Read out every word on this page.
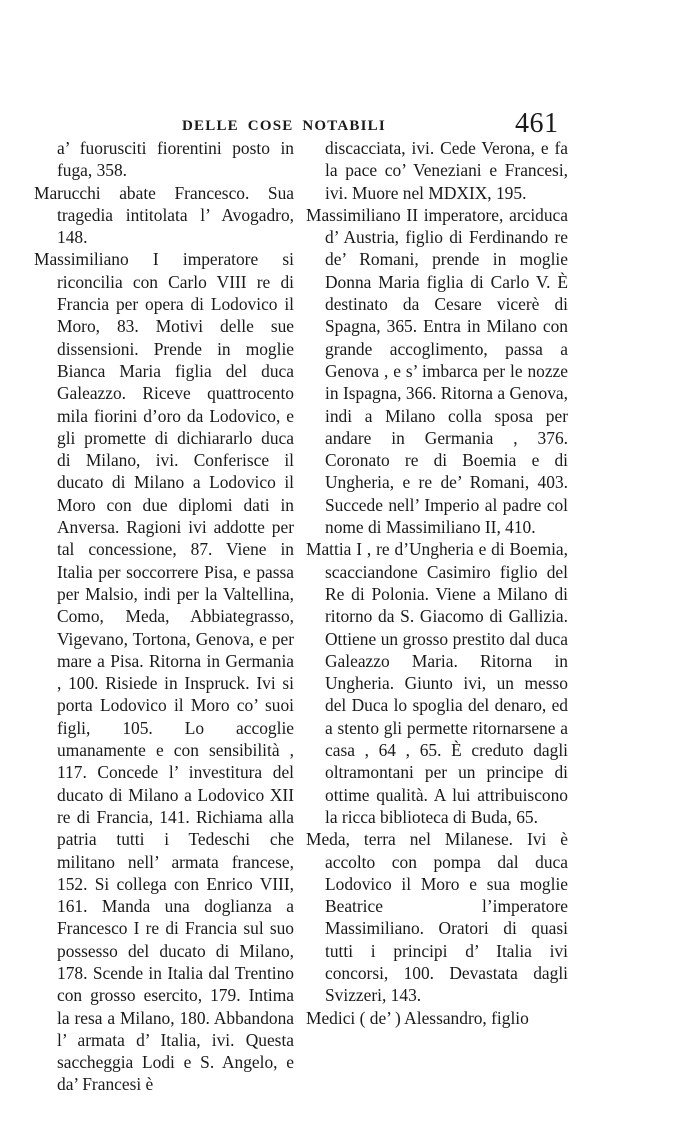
DELLE COSE NOTABILI	461

a’ fuorusciti fiorentini posto in fuga, 358.

Marucchi abate Francesco. Sua tragedia intitolata l’ Avogadro, 148.

Massimiliano I imperatore si riconcilia con Carlo VIII re di Francia per opera di Lodovico il Moro, 83. Motivi delle sue dissensioni. Prende in moglie Bianca Maria figlia del duca Galeazzo. Riceve quattrocento mila fiorini d’oro da Lodovico, e gli promette di dichiararlo duca di Milano, ivi. Conferisce il ducato di Milano a Lodovico il Moro con due diplomi dati in Anversa. Ragioni ivi addotte per tal concessione, 87. Viene in Italia per soccorrere Pisa, e passa per Malsio, indi per la Valtellina, Como, Meda, Abbiategrasso, Vigevano, Tortona, Genova, e per mare a Pisa. Ritorna in Germania , 100. Risiede in Inspruck. Ivi si porta Lodovico il Moro co’ suoi figli, 105. Lo accoglie umanamente e con sensibilità , 117. Concede l’ investitura del ducato di Milano a Lodovico XII re di Francia, 141. Richiama alla patria tutti i Tedeschi che militano nell’ armata francese, 152. Si collega con Enrico VIII, 161. Manda una doglianza a Francesco I re di Francia sul suo possesso del ducato di Milano, 178. Scende in Italia dal Trentino con grosso esercito, 179. Intima la resa a Milano, 180. Abbandona l’ armata d’ Italia, ivi. Questa saccheggia Lodi e S. Angelo, e da’ Francesi è

discacciata, ivi. Cede Verona, e fa la pace co’ Veneziani e Francesi, ivi. Muore nel MDXIX, 195.

Massimiliano II imperatore, arciduca d’ Austria, figlio di Ferdinando re de’ Romani, prende in moglie Donna Maria figlia di Carlo V. È destinato da Cesare vicerè di Spagna, 365. Entra in Milano con grande accoglimento, passa a Genova , e s’ imbarca per le nozze in Ispagna, 366. Ritorna a Genova, indi a Milano colla sposa per andare in Germania , 376. Coronato re di Boemia e di Ungheria, e re de’ Romani, 403. Succede nell’ Imperio al padre col nome di Massimiliano II, 410.

Mattia I , re d’Ungheria e di Boemia, scacciandone Casimiro figlio del Re di Polonia. Viene a Milano di ritorno da S. Giacomo di Gallizia. Ottiene un grosso prestito dal duca Galeazzo Maria. Ritorna in Ungheria. Giunto ivi, un messo del Duca lo spoglia del denaro, ed a stento gli permette ritornarsene a casa , 64 , 65. È creduto dagli oltramontani per un principe di ottime qualità. A lui attribuiscono la ricca biblioteca di Buda, 65.

Meda, terra nel Milanese. Ivi è accolto con pompa dal duca Lodovico il Moro e sua moglie Beatrice l’imperatore Massimiliano. Oratori di quasi tutti i principi d’ Italia ivi concorsi, 100. Devastata dagli Svizzeri, 143.

Medici ( de’ ) Alessandro, figlio
